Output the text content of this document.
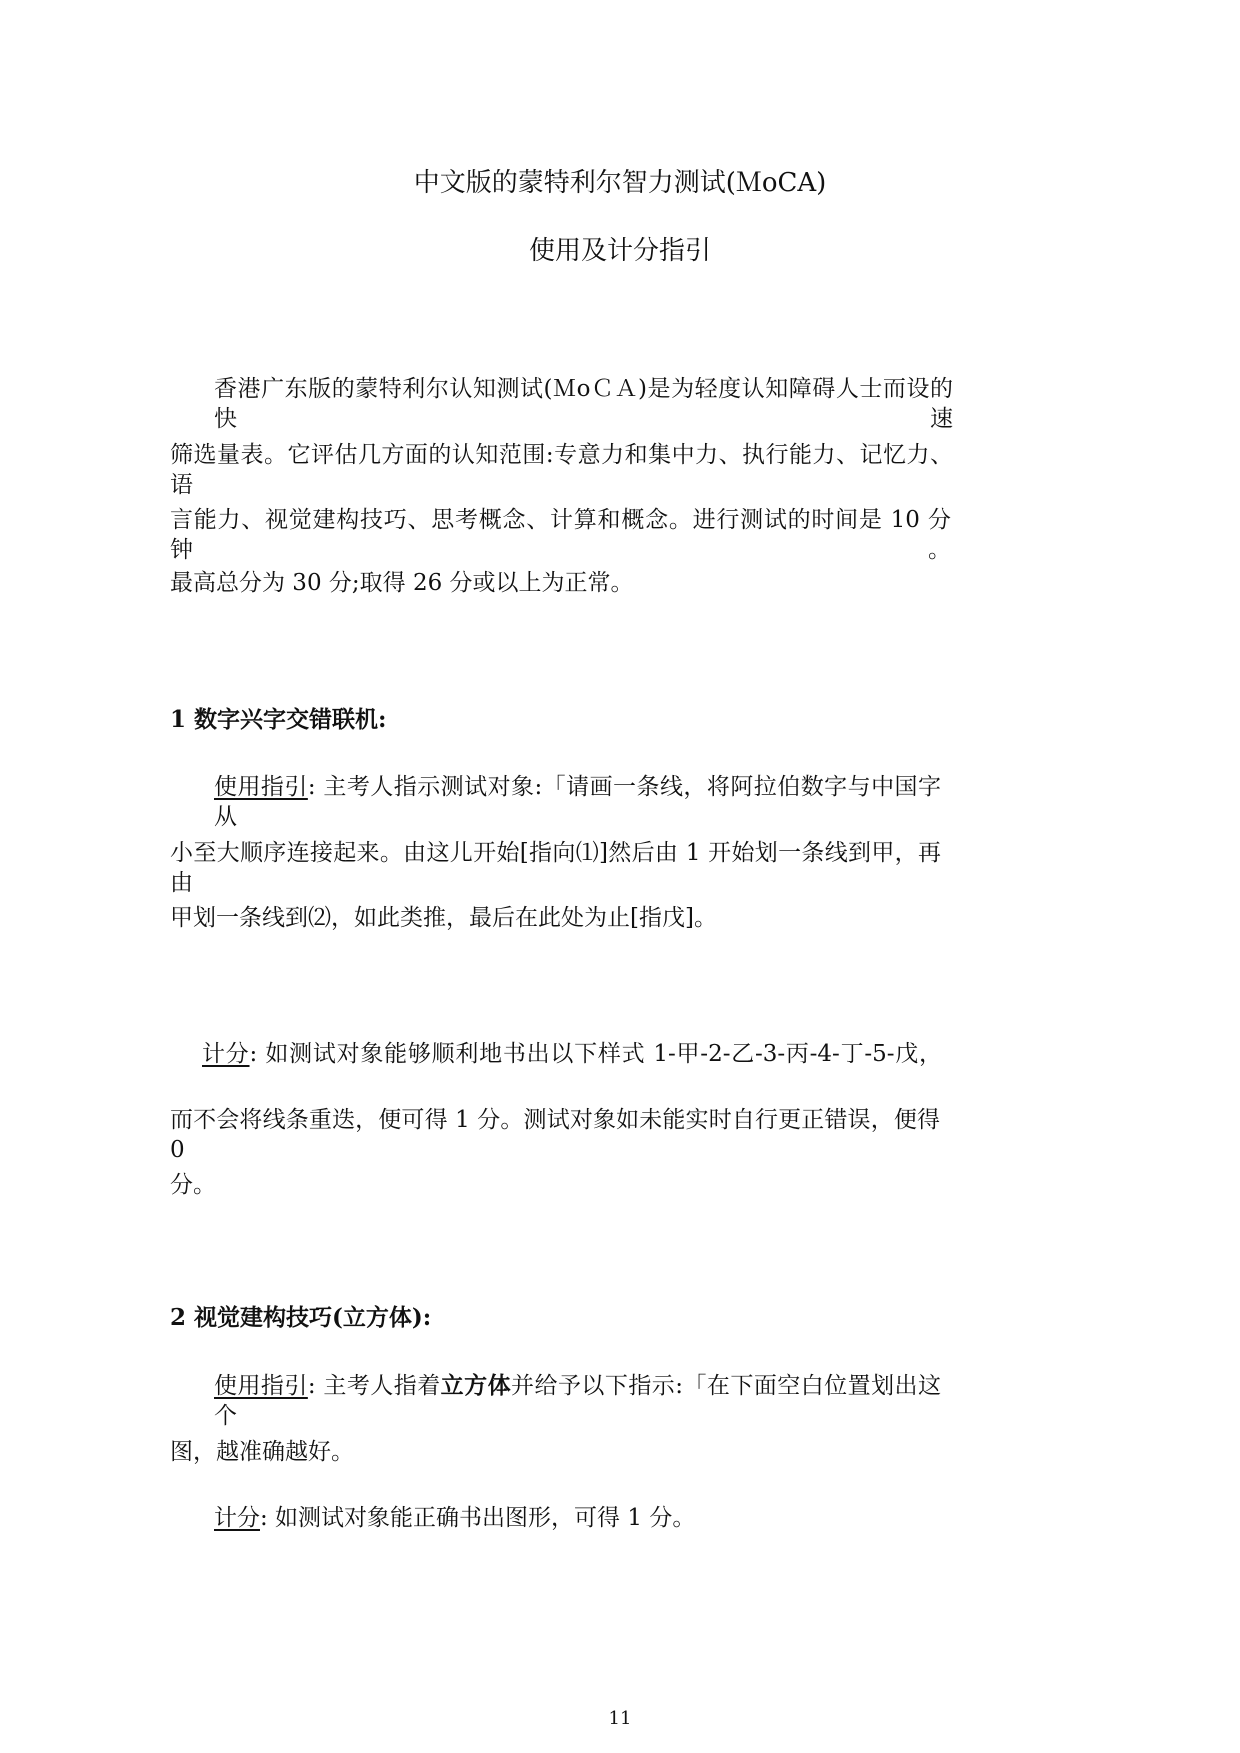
中文版的蒙特利尔智力测试(ＭoCA)
使用及计分指引
香港广东版的蒙特利尔认知测试(ＭoＣＡ)是为轻度认知障碍人士而设的快速
筛选量表。它评估几方面的认知范围:专意力和集中力、执行能力、记忆力、语
言能力、视觉建构技巧、思考概念、计算和概念。进行测试的时间是 10 分钟。
最高总分为 30 分;取得 26 分或以上为正常。
1 数字兴字交错联机:
使用指引: 主考人指示测试对象:「请画一条线，将阿拉伯数字与中国字从
小至大顺序连接起来。由这儿开始[指向⑴]然后由 1 开始划一条线到甲，再由
甲划一条线到⑵，如此类推，最后在此处为止[指戊]。
计分: 如测试对象能够顺利地书出以下样式 1-甲-2-乙-3-丙-4-丁-5-戊，
而不会将线条重迭，便可得 1 分。测试对象如未能实时自行更正错误，便得 0
分。
2 视觉建构技巧(立方体):
使用指引: 主考人指着立方体并给予以下指示:「在下面空白位置划出这个
图，越准确越好。
计分: 如测试对象能正确书出图形，可得 1 分。
11
